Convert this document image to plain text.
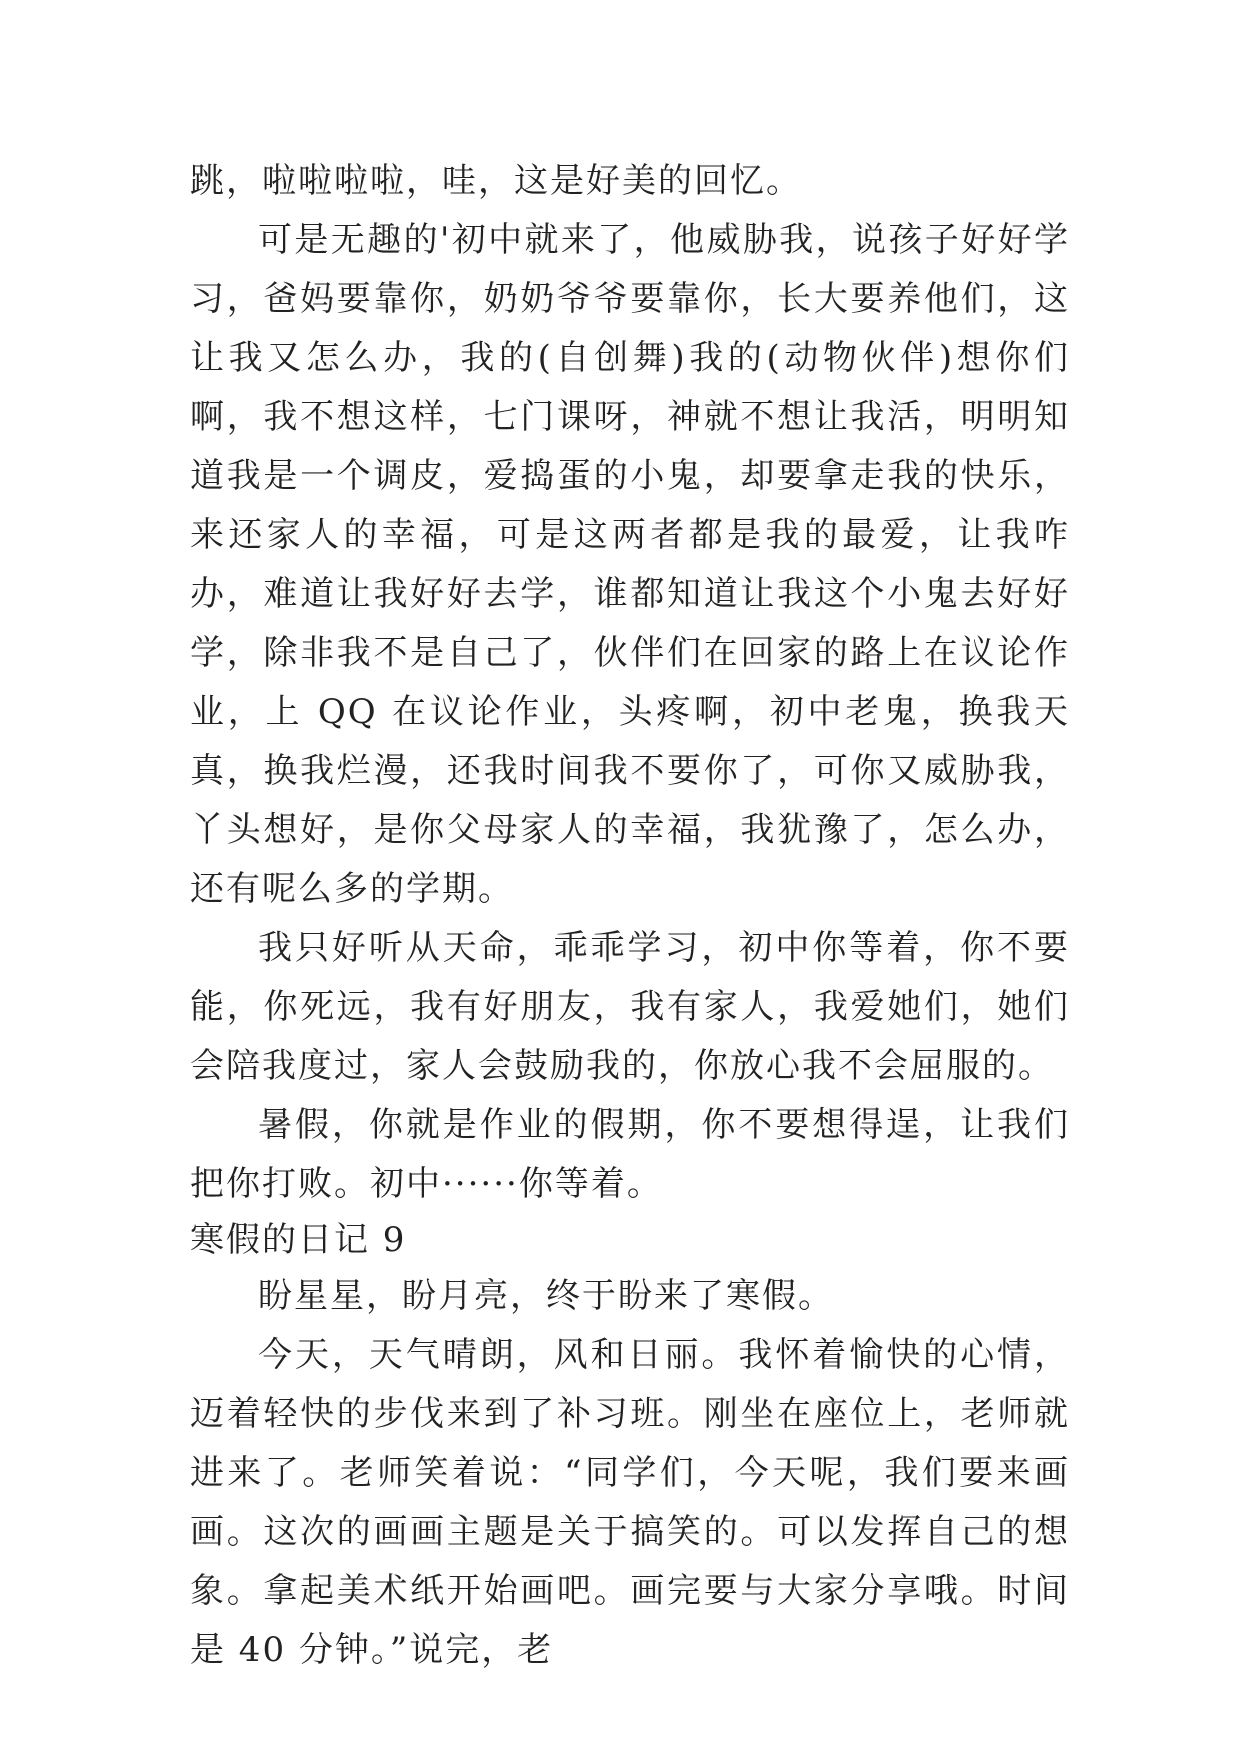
跳，啦啦啦啦，哇，这是好美的回忆。

可是无趣的'初中就来了，他威胁我，说孩子好好学习，爸妈要靠你，奶奶爷爷要靠你，长大要养他们，这让我又怎么办，我的(自创舞)我的(动物伙伴)想你们啊，我不想这样，七门课呀，神就不想让我活，明明知道我是一个调皮，爱捣蛋的小鬼，却要拿走我的快乐，来还家人的幸福，可是这两者都是我的最爱，让我咋办，难道让我好好去学，谁都知道让我这个小鬼去好好学，除非我不是自己了，伙伴们在回家的路上在议论作业，上 QQ 在议论作业，头疼啊，初中老鬼，换我天真，换我烂漫，还我时间我不要你了，可你又威胁我，丫头想好，是你父母家人的幸福，我犹豫了，怎么办，还有呢么多的学期。

我只好听从天命，乖乖学习，初中你等着，你不要能，你死远，我有好朋友，我有家人，我爱她们，她们会陪我度过，家人会鼓励我的，你放心我不会屈服的。

暑假，你就是作业的假期，你不要想得逞，让我们把你打败。初中······你等着。

寒假的日记 9

盼星星，盼月亮，终于盼来了寒假。

今天，天气晴朗，风和日丽。我怀着愉快的心情，迈着轻快的步伐来到了补习班。刚坐在座位上，老师就进来了。老师笑着说：“同学们，今天呢，我们要来画画。这次的画画主题是关于搞笑的。可以发挥自己的想象。拿起美术纸开始画吧。画完要与大家分享哦。时间是 40 分钟。”说完，老
